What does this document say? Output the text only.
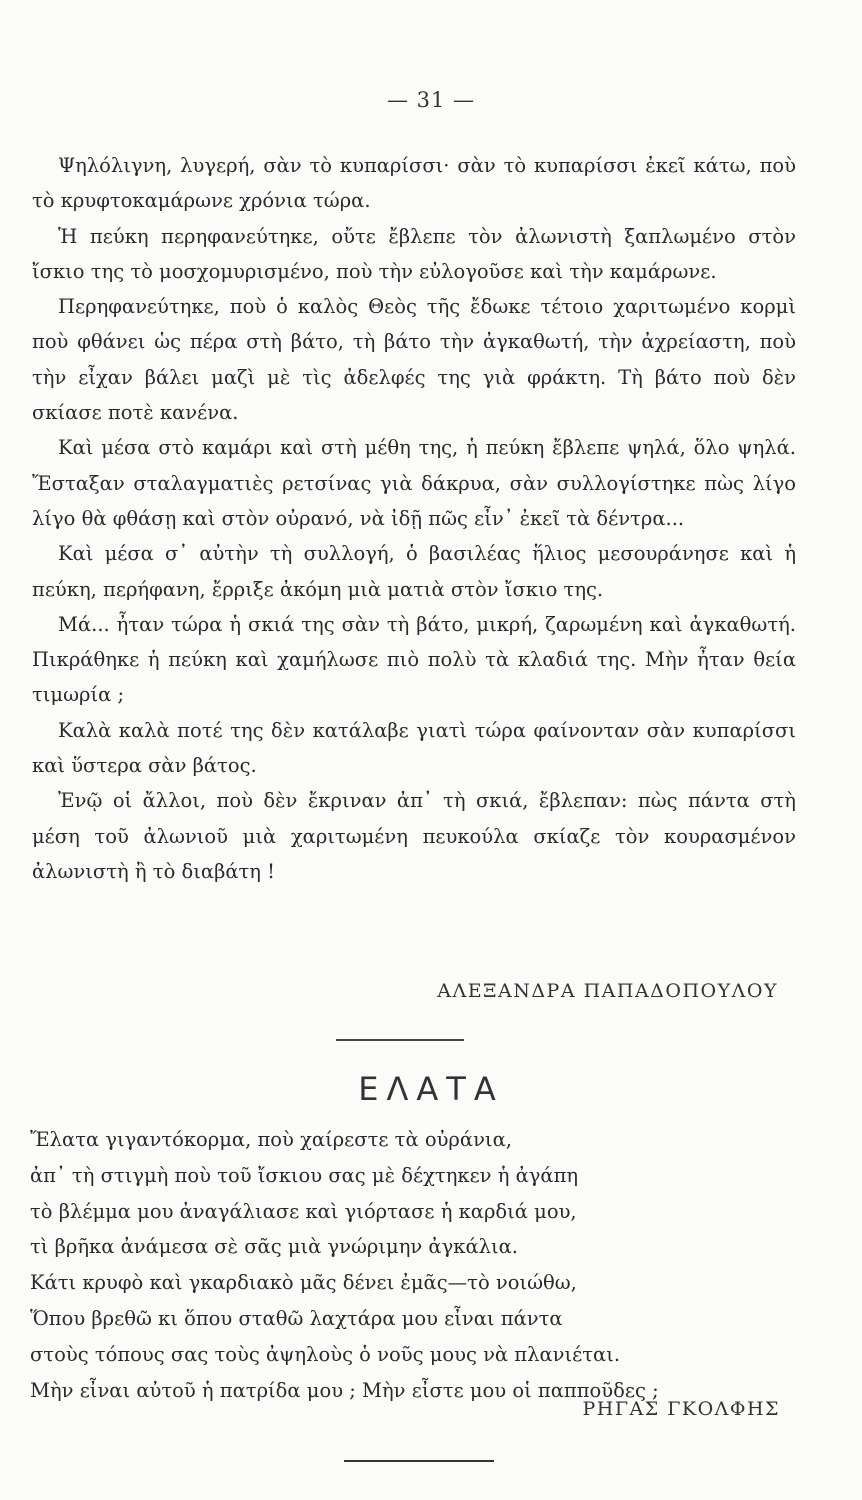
— 31 —

Ψηλόλιγνη, λυγερή, σὰν τὸ κυπαρίσσι· σὰν τὸ κυπαρίσσι ἐκεῖ κάτω, ποὺ τὸ κρυφτοκαμάρωνε χρόνια τώρα.

Ἡ πεύκη περηφανεύτηκε, οὔτε ἔβλεπε τὸν ἀλωνιστὴ ξαπλωμένο στὸν ἴσκιο της τὸ μοσχομυρισμένο, ποὺ τὴν εὐλογοῦσε καὶ τὴν καμάρωνε.

Περηφανεύτηκε, ποὺ ὁ καλὸς Θεὸς τῆς ἔδωκε τέτοιο χαριτωμένο κορμὶ ποὺ φθάνει ὡς πέρα στὴ βάτο, τὴ βάτο τὴν ἀγκαθωτή, τὴν ἀχρείαστη, ποὺ τὴν εἶχαν βάλει μαζὶ μὲ τὶς ἀδελφές της γιὰ φράκτη. Τὴ βάτο ποὺ δὲν σκίασε ποτὲ κανένα.

Καὶ μέσα στὸ καμάρι καὶ στὴ μέθη της, ἡ πεύκη ἔβλεπε ψηλά, ὅλο ψηλά. Ἔσταξαν σταλαγματιὲς ρετσίνας γιὰ δάκρυα, σὰν συλλογίστηκε πὼς λίγο λίγο θὰ φθάσῃ καὶ στὸν οὐρανό, νὰ ἰδῇ πῶς εἶν᾿ ἐκεῖ τὰ δέντρα...

Καὶ μέσα σ᾿ αὐτὴν τὴ συλλογή, ὁ βασιλέας ἥλιος μεσουράνησε καὶ ἡ πεύκη, περήφανη, ἔρριξε ἀκόμη μιὰ ματιὰ στὸν ἴσκιο της.

Μά... ἦταν τώρα ἡ σκιά της σὰν τὴ βάτο, μικρή, ζαρωμένη καὶ ἀγκαθωτή. Πικράθηκε ἡ πεύκη καὶ χαμήλωσε πιὸ πολὺ τὰ κλαδιά της. Μὴν ἦταν θεία τιμωρία ;

Καλὰ καλὰ ποτέ της δὲν κατάλαβε γιατὶ τώρα φαίνονταν σὰν κυπαρίσσι καὶ ὕστερα σὰν βάτος.

Ἐνῷ οἱ ἄλλοι, ποὺ δὲν ἔκριναν ἀπ᾿ τὴ σκιά, ἔβλεπαν: πὼς πάντα στὴ μέση τοῦ ἀλωνιοῦ μιὰ χαριτωμένη πευκούλα σκίαζε τὸν κουρασμένον ἀλωνιστὴ ἢ τὸ διαβάτη !

ΑΛΕΞΑΝΔΡΑ ΠΑΠΑΔΟΠΟΥΛΟΥ
ΕΛΑΤΑ
Ἔλατα γιγαντόκορμα, ποὺ χαίρεστε τὰ οὐράνια,
ἀπ᾿ τὴ στιγμὴ ποὺ τοῦ ἴσκιου σας μὲ δέχτηκεν ἡ ἀγάπη
τὸ βλέμμα μου ἀναγάλιασε καὶ γιόρτασε ἡ καρδιά μου,
τὶ βρῆκα ἀνάμεσα σὲ σᾶς μιὰ γνώριμην ἀγκάλια.
Κάτι κρυφὸ καὶ γκαρδιακὸ μᾶς δένει ἐμᾶς—τὸ νοιώθω,
Ὅπου βρεθῶ κι ὅπου σταθῶ λαχτάρα μου εἶναι πάντα
στοὺς τόπους σας τοὺς ἀψηλοὺς ὁ νοῦς μους νὰ πλανιέται.
Μὴν εἶναι αὐτοῦ ἡ πατρίδα μου ; Μὴν εἶστε μου οἱ παπποῦδες ;
ΡΗΓΑΣ ΓΚΟΛΦΗΣ
